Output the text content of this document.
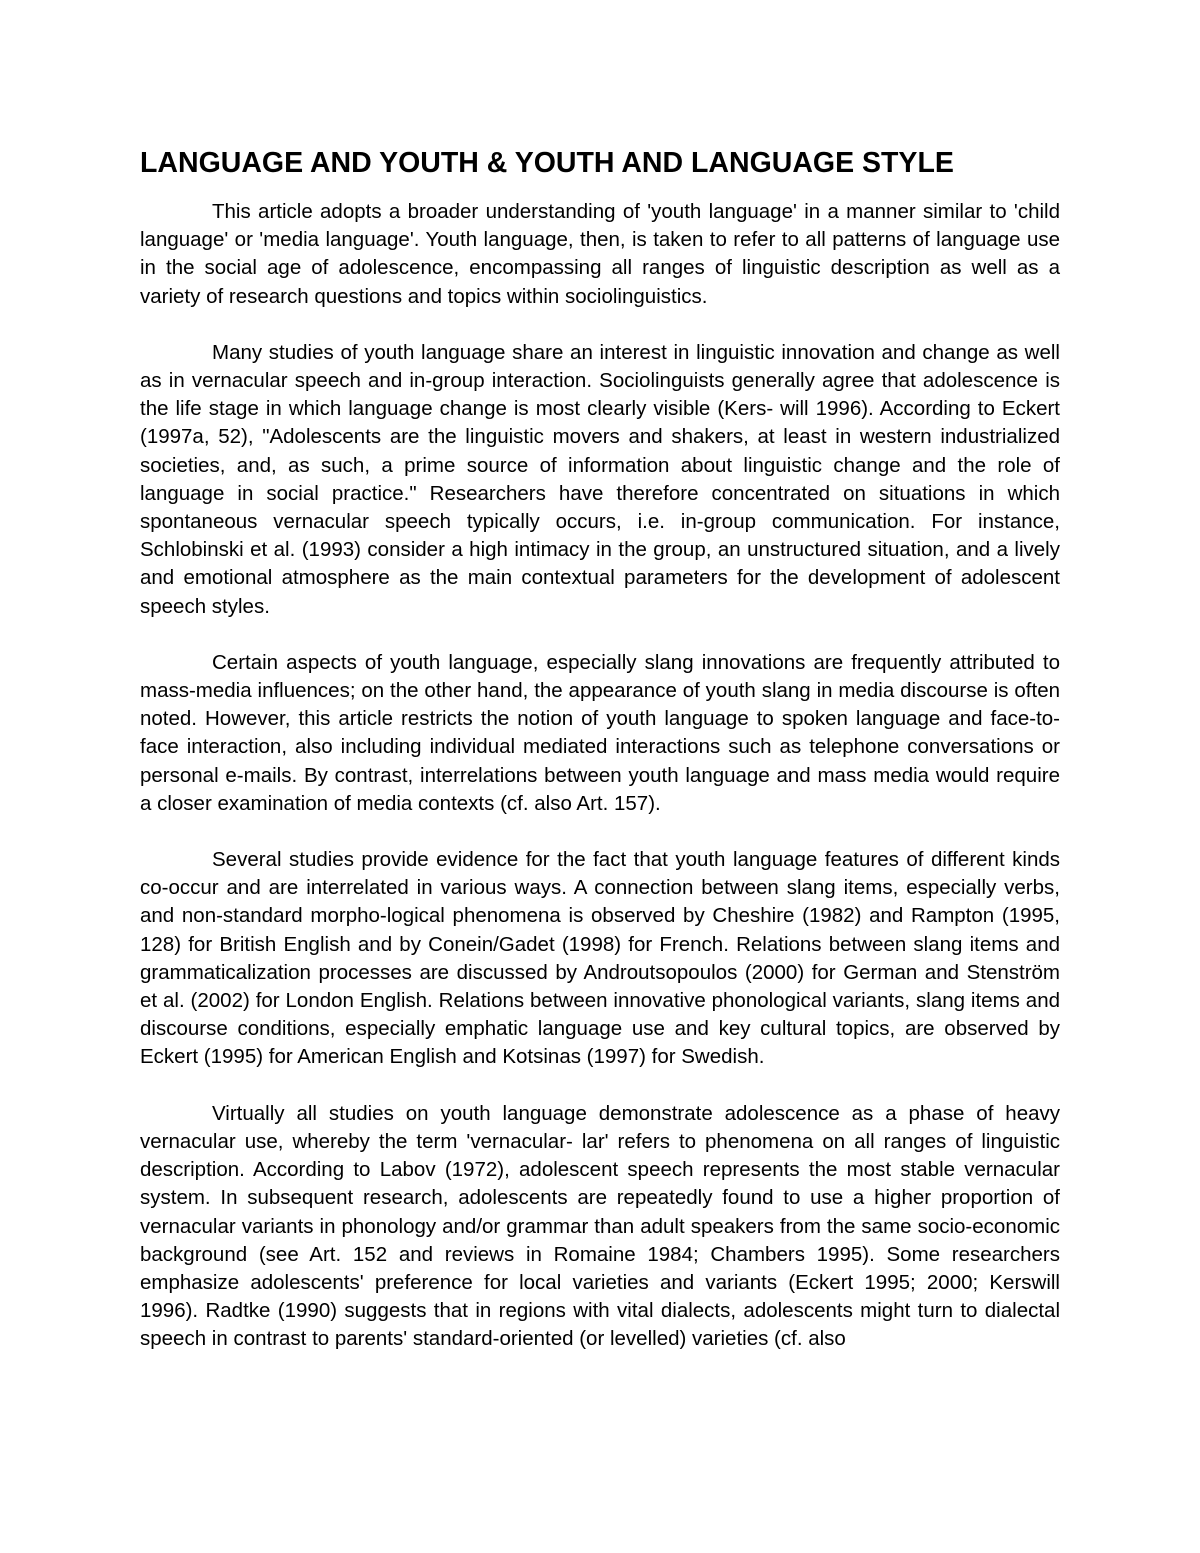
LANGUAGE AND YOUTH & YOUTH AND LANGUAGE STYLE

This article adopts a broader understanding of 'youth language' in a manner similar to 'child language' or 'media language'. Youth language, then, is taken to refer to all patterns of language use in the social age of adolescence, encompassing all ranges of linguistic description as well as a variety of research questions and topics within sociolinguistics.

Many studies of youth language share an interest in linguistic innovation and change as well as in vernacular speech and in-group interaction. Sociolinguists generally agree that adolescence is the life stage in which language change is most clearly visible (Kers- will 1996). According to Eckert (1997a, 52), "Adolescents are the linguistic movers and shakers, at least in western industrialized societies, and, as such, a prime source of information about linguistic change and the role of language in social practice." Researchers have therefore concentrated on situations in which spontaneous vernacular speech typically occurs, i.e. in-group communication. For instance, Schlobinski et al. (1993) consider a high intimacy in the group, an unstructured situation, and a lively and emotional atmosphere as the main contextual parameters for the development of adolescent speech styles.

Certain aspects of youth language, especially slang innovations are frequently attributed to mass-media influences; on the other hand, the appearance of youth slang in media discourse is often noted. However, this article restricts the notion of youth language to spoken language and face-to-face interaction, also including individual mediated interactions such as telephone conversations or personal e-mails. By contrast, interrelations between youth language and mass media would require a closer examination of media contexts (cf. also Art. 157).

Several studies provide evidence for the fact that youth language features of different kinds co-occur and are interrelated in various ways. A connection between slang items, especially verbs, and non-standard morpho-logical phenomena is observed by Cheshire (1982) and Rampton (1995, 128) for British English and by Conein/Gadet (1998) for French. Relations between slang items and grammaticalization processes are discussed by Androutsopoulos (2000) for German and Stenström et al. (2002) for London English. Relations between innovative phonological variants, slang items and discourse conditions, especially emphatic language use and key cultural topics, are observed by Eckert (1995) for American English and Kotsinas (1997) for Swedish.

Virtually all studies on youth language demonstrate adolescence as a phase of heavy vernacular use, whereby the term 'vernacular- lar' refers to phenomena on all ranges of linguistic description. According to Labov (1972), adolescent speech represents the most stable vernacular system. In subsequent research, adolescents are repeatedly found to use a higher proportion of vernacular variants in phonology and/or grammar than adult speakers from the same socio-economic background (see Art. 152 and reviews in Romaine 1984; Chambers 1995). Some researchers emphasize adolescents' preference for local varieties and variants (Eckert 1995; 2000; Kerswill 1996). Radtke (1990) suggests that in regions with vital dialects, adolescents might turn to dialectal speech in contrast to parents' standard-oriented (or levelled) varieties (cf. also
